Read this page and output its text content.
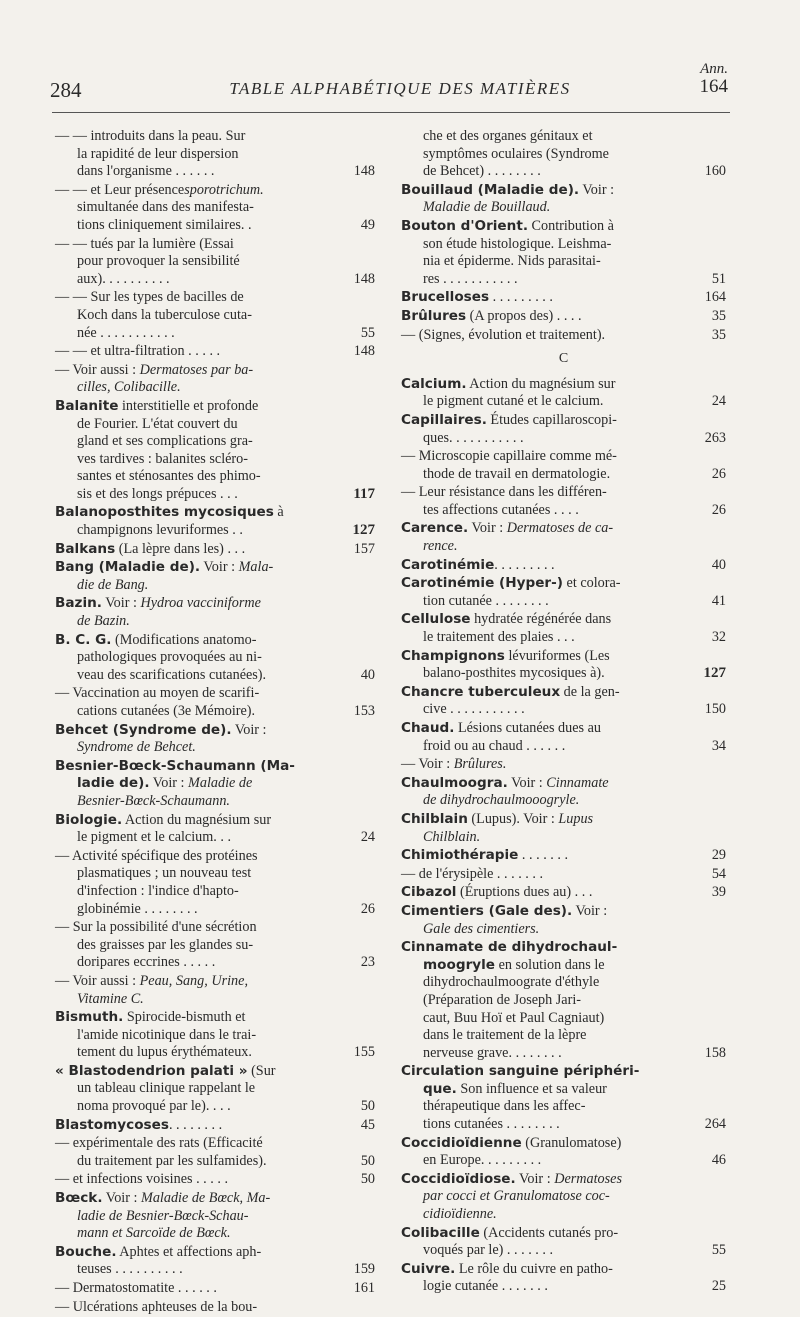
284	TABLE ALPHABÉTIQUE DES MATIÈRES
Ann.
164
— — introduits dans la peau. Sur
la rapidité de leur dispersion
dans l'organisme . . . . . .	148
— — et Leur présencesporotrichum.
simultanée dans des manifesta-
tions cliniquement similaires. .	49
— — tués par la lumière (Essai
pour provoquer la sensibilité
aux). . . . . . . . . .	148
— — Sur les types de bacilles de
Koch dans la tuberculose cuta-
née . . . . . . . . . . .	55
— — et ultra-filtration . . . . .	148
— Voir aussi : Dermatoses par ba-
cilles, Colibacille.
Balanite interstitielle et profonde
de Fourier. L'état couvert du
gland et ses complications gra-
ves tardives : balanites scléro-
santes et sténosantes des phimo-
sis et des longs prépuces . . .	117
Balanoposthites mycosiques à
champignons levuriformes . .	127
Balkans (La lèpre dans les) . . .	157
Bang (Maladie de). Voir : Mala-
die de Bang.
Bazin. Voir : Hydroa vacciniforme
de Bazin.
B. C. G. (Modifications anatomo-
pathologiques provoquées au ni-
veau des scarifications cutanées).	40
— Vaccination au moyen de scarifi-
cations cutanées (3e Mémoire).	153
Behcet (Syndrome de). Voir :
Syndrome de Behcet.
Besnier-Bœck-Schaumann (Ma-
ladie de). Voir : Maladie de
Besnier-Bœck-Schaumann.
Biologie. Action du magnésium sur
le pigment et le calcium. . .	24
— Activité spécifique des protéines
plasmatiques ; un nouveau test
d'infection : l'indice d'hapto-
globinémie . . . . . . . .	26
— Sur la possibilité d'une sécrétion
des graisses par les glandes su-
doripares eccrines . . . . .	23
— Voir aussi : Peau, Sang, Urine,
Vitamine C.
Bismuth. Spirocide-bismuth et
l'amide nicotinique dans le trai-
tement du lupus érythémateux.	155
« Blastodendrion palati » (Sur
un tableau clinique rappelant le
noma provoqué par le). . . .	50
Blastomycoses. . . . . . . .	45
— expérimentale des rats (Efficacité
du traitement par les sulfamides).	50
— et infections voisines . . . . .	50
Bœck. Voir : Maladie de Bœck, Ma-
ladie de Besnier-Bœck-Schau-
mann et Sarcoïde de Bœck.
Bouche. Aphtes et affections aph-
teuses . . . . . . . . . .	159
— Dermatostomatite . . . . . .	161
— Ulcérations aphteuses de la bou-
che et des organes génitaux et
symptômes oculaires (Syndrome
de Behcet) . . . . . . . .	160
Bouillaud (Maladie de). Voir :
Maladie de Bouillaud.
Bouton d'Orient. Contribution à
son étude histologique. Leishma-
nia et épiderme. Nids parasitai-
res . . . . . . . . . . .	51
Brucelloses . . . . . . . . .	164
Brûlures (A propos des) . . . .	35
— (Signes, évolution et traitement).	35
C
Calcium. Action du magnésium sur
le pigment cutané et le calcium.	24
Capillaires. Études capillaroscopi-
ques. . . . . . . . . . .	263
— Microscopie capillaire comme mé-
thode de travail en dermatologie.	26
— Leur résistance dans les différen-
tes affections cutanées . . . .	26
Carence. Voir : Dermatoses de ca-
rence.
Carotinémie. . . . . . . . .	40
Carotinémie (Hyper-) et colora-
tion cutanée . . . . . . . .	41
Cellulose hydratée régénérée dans
le traitement des plaies . . .	32
Champignons lévuriformes (Les
balano-posthites mycosiques à).	127
Chancre tuberculeux de la gen-
cive . . . . . . . . . . .	150
Chaud. Lésions cutanées dues au
froid ou au chaud . . . . . .	34
— Voir : Brûlures.
Chaulmoogra. Voir : Cinnamate
de dihydrochaulmooogryle.
Chilblain (Lupus). Voir : Lupus
Chilblain.
Chimiothérapie . . . . . . .	29
— de l'érysipèle . . . . . . .	54
Cibazol (Éruptions dues au) . . .	39
Cimentiers (Gale des). Voir :
Gale des cimentiers.
Cinnamate de dihydrochaul-
moogryle en solution dans le
dihydrochaulmoograte d'éthyle
(Préparation de Joseph Jari-
caut, Buu Hoï et Paul Cagniaut)
dans le traitement de la lèpre
nerveuse grave. . . . . . . .	158
Circulation sanguine périphéri-
que. Son influence et sa valeur
thérapeutique dans les affec-
tions cutanées . . . . . . . .	264
Coccidioïdienne (Granulomatose)
en Europe. . . . . . . . .	46
Coccidioïdiose. Voir : Dermatoses
par cocci et Granulomatose coc-
cidioïdienne.
Colibacille (Accidents cutanés pro-
voqués par le) . . . . . . .	55
Cuivre. Le rôle du cuivre en patho-
logie cutanée . . . . . . .	25
